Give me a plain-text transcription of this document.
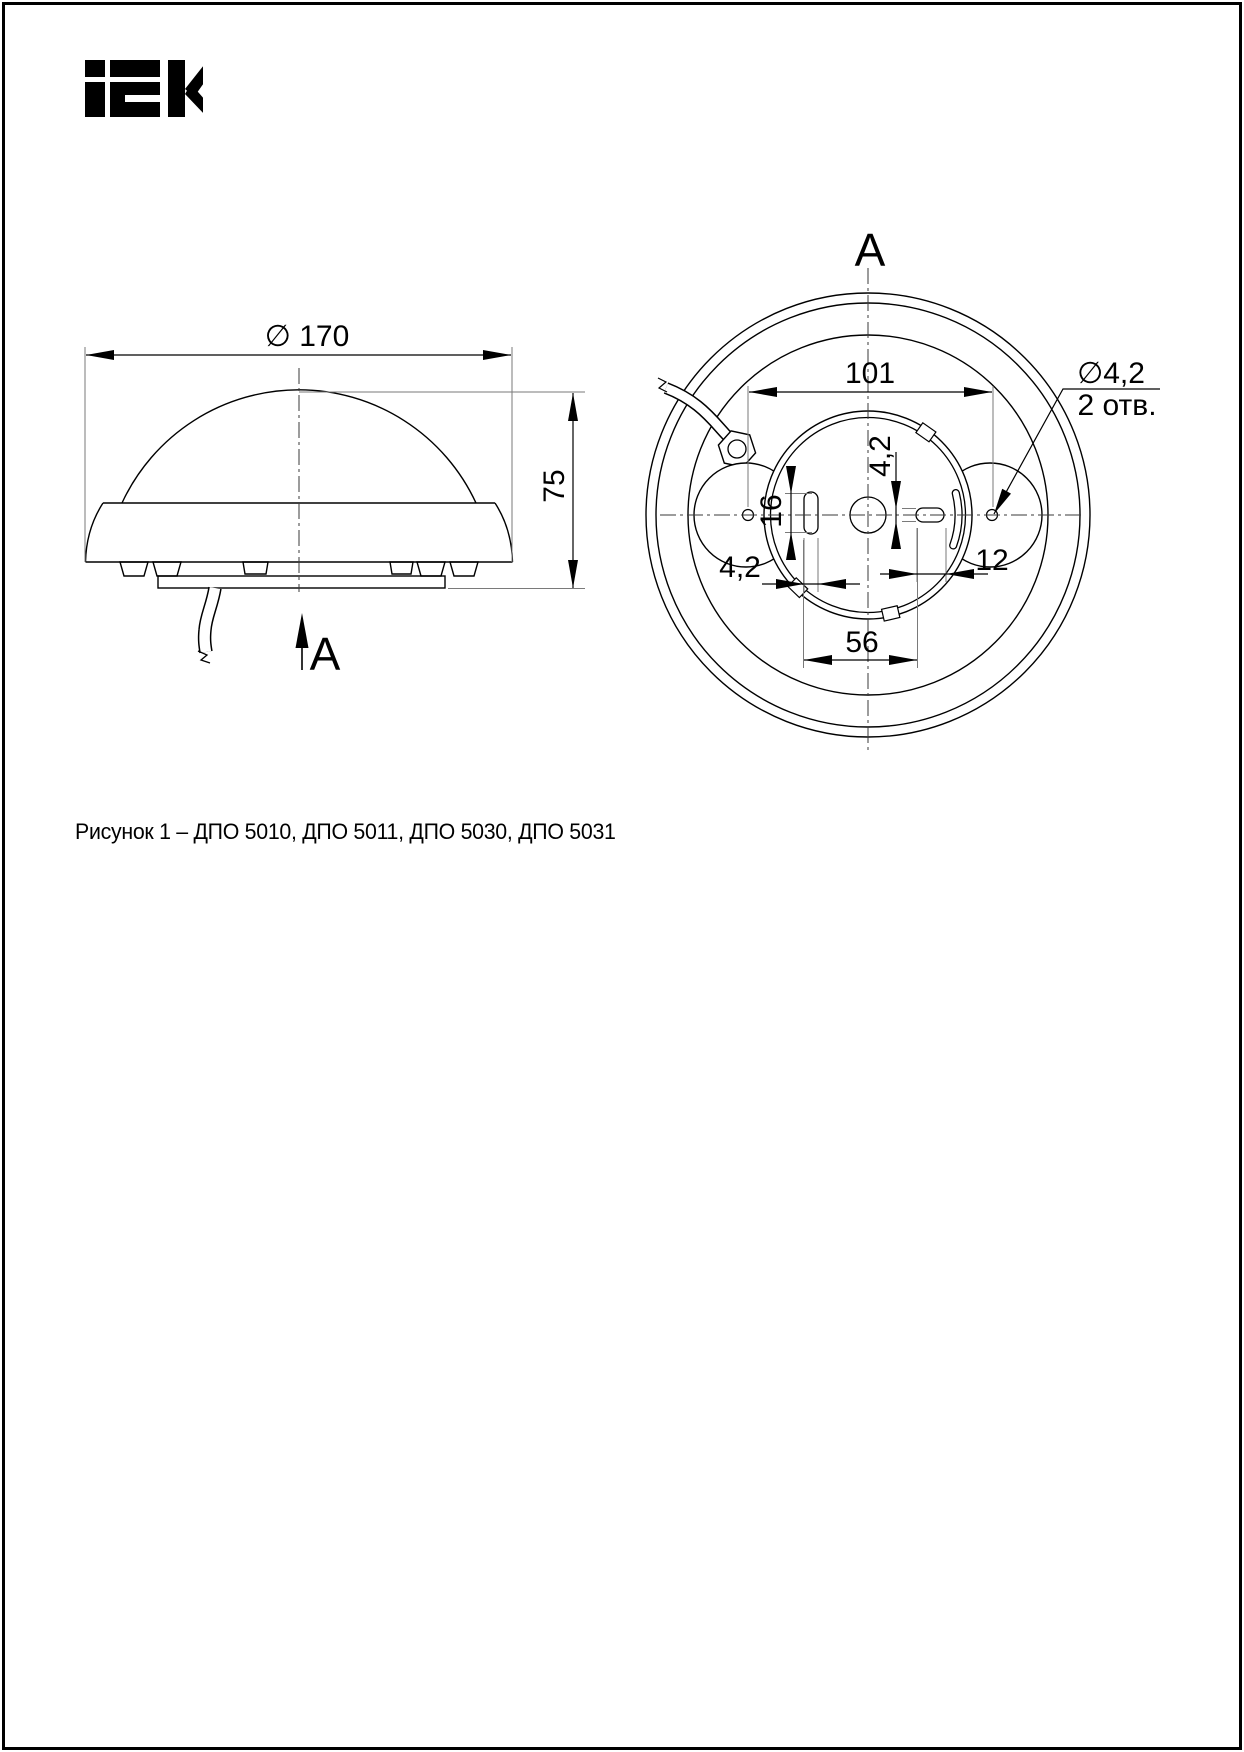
∅ 170
75
A
A
101
16
4,2
4,2	12
56
∅4,2
2 отв.
Рисунок 1 – ДПО 5010, ДПО 5011, ДПО 5030, ДПО 5031
